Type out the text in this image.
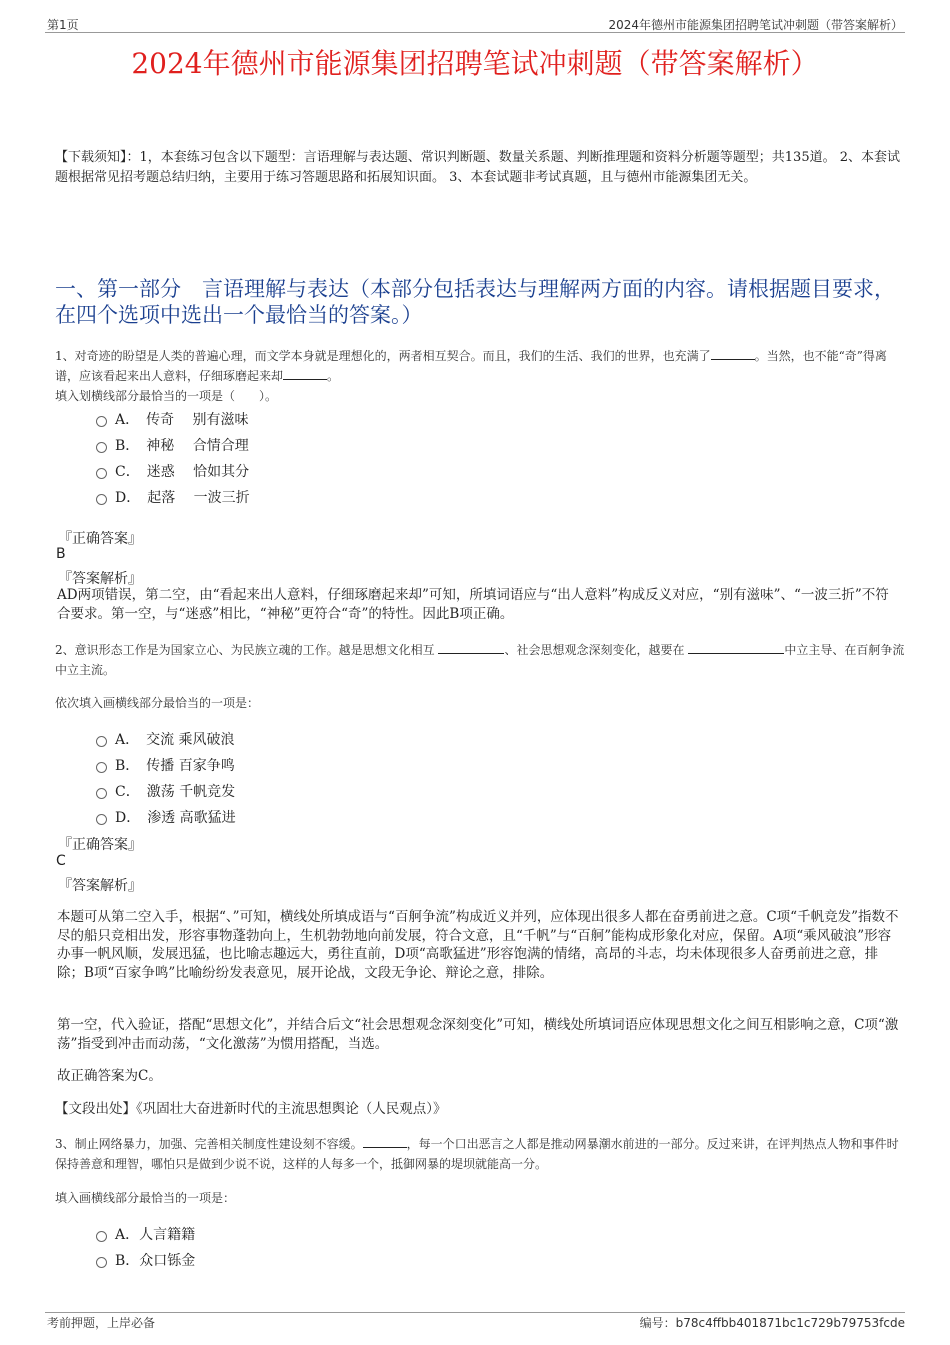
第1页	2024年德州市能源集团招聘笔试冲刺题（带答案解析）
2024年德州市能源集团招聘笔试冲刺题（带答案解析）
【下载须知】：1，本套练习包含以下题型：言语理解与表达题、常识判断题、数量关系题、判断推理题和资料分析题等题型；共135道。 2、本套试题根据常见招考题总结归纳，主要用于练习答题思路和拓展知识面。 3、本套试题非考试真题，且与德州市能源集团无关。
一、第一部分　言语理解与表达（本部分包括表达与理解两方面的内容。请根据题目要求，在四个选项中选出一个最恰当的答案。）
1、对奇迹的盼望是人类的普遍心理，而文学本身就是理想化的，两者相互契合。而且，我们的生活、我们的世界，也充满了	。当然，也不能“奇”得离谱，应该看起来出人意料，仔细琢磨起来却	。
填入划横线部分最恰当的一项是（　　）。
A．　传奇　 别有滋味
B．　神秘　 合情合理
C．　迷惑　 恰如其分
D．　起落　 一波三折
『正确答案』
B
『答案解析』
AD两项错误，第二空，由“看起来出人意料，仔细琢磨起来却”可知，所填词语应与“出人意料”构成反义对应，“别有滋味”、“一波三折”不符合要求。第一空，与“迷惑”相比，“神秘”更符合“奇”的特性。因此B项正确。
2、意识形态工作是为国家立心、为民族立魂的工作。越是思想文化相互	、社会思想观念深刻变化，越要在	中立主导、在百舸争流中立主流。
依次填入画横线部分最恰当的一项是：
A．　交流 乘风破浪
B．　传播 百家争鸣
C．　激荡 千帆竞发
D．　渗透 高歌猛进
『正确答案』
C
『答案解析』
本题可从第二空入手，根据“、”可知，横线处所填成语与“百舸争流”构成近义并列，应体现出很多人都在奋勇前进之意。C项“千帆竞发”指数不尽的船只竞相出发，形容事物蓬勃向上，生机勃勃地向前发展，符合文意，且“千帆”与“百舸”能构成形象化对应，保留。A项“乘风破浪”形容办事一帆风顺，发展迅猛，也比喻志趣远大，勇往直前，D项“高歌猛进”形容饱满的情绪，高昂的斗志，均未体现很多人奋勇前进之意，排除；B项“百家争鸣”比喻纷纷发表意见，展开论战，文段无争论、辩论之意，排除。
第一空，代入验证，搭配“思想文化”，并结合后文“社会思想观念深刻变化”可知，横线处所填词语应体现思想文化之间互相影响之意，C项“激荡”指受到冲击而动荡，“文化激荡”为惯用搭配，当选。
故正确答案为C。
【文段出处】《巩固壮大奋进新时代的主流思想舆论（人民观点）》
3、制止网络暴力，加强、完善相关制度性建设刻不容缓。	，每一个口出恶言之人都是推动网暴潮水前进的一部分。反过来讲，在评判热点人物和事件时保持善意和理智，哪怕只是做到少说不说，这样的人每多一个，抵御网暴的堤坝就能高一分。
填入画横线部分最恰当的一项是：
A．人言籍籍
B．众口铄金
考前押题，上岸必备	编号：b78c4ffbb401871bc1c729b79753fcde
